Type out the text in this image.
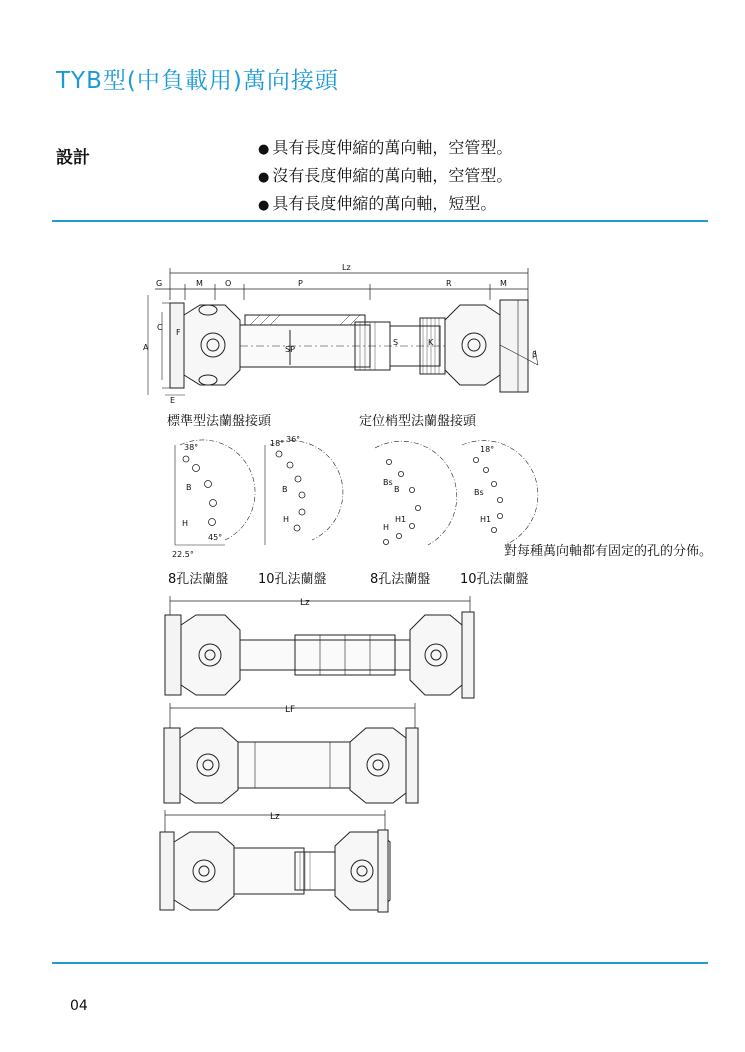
TYB型(中負載用)萬向接頭
設計
● 具有長度伸縮的萬向軸，空管型。
● 沒有長度伸縮的萬向軸，空管型。
● 具有長度伸縮的萬向軸，短型。
Lz
G	M	O	P	R	M
A
C
E
F
S	K
SP
β
38°
B
H
45°
22.5°
18° 36°
B
H
Bs
B
H1
H
18°
Bs
H1
Lz
LF
Lz
標準型法蘭盤接頭	定位梢型法蘭盤接頭
對每種萬向軸都有固定的孔的分佈。
8孔法蘭盤 10孔法蘭盤	8孔法蘭盤 10孔法蘭盤
04
